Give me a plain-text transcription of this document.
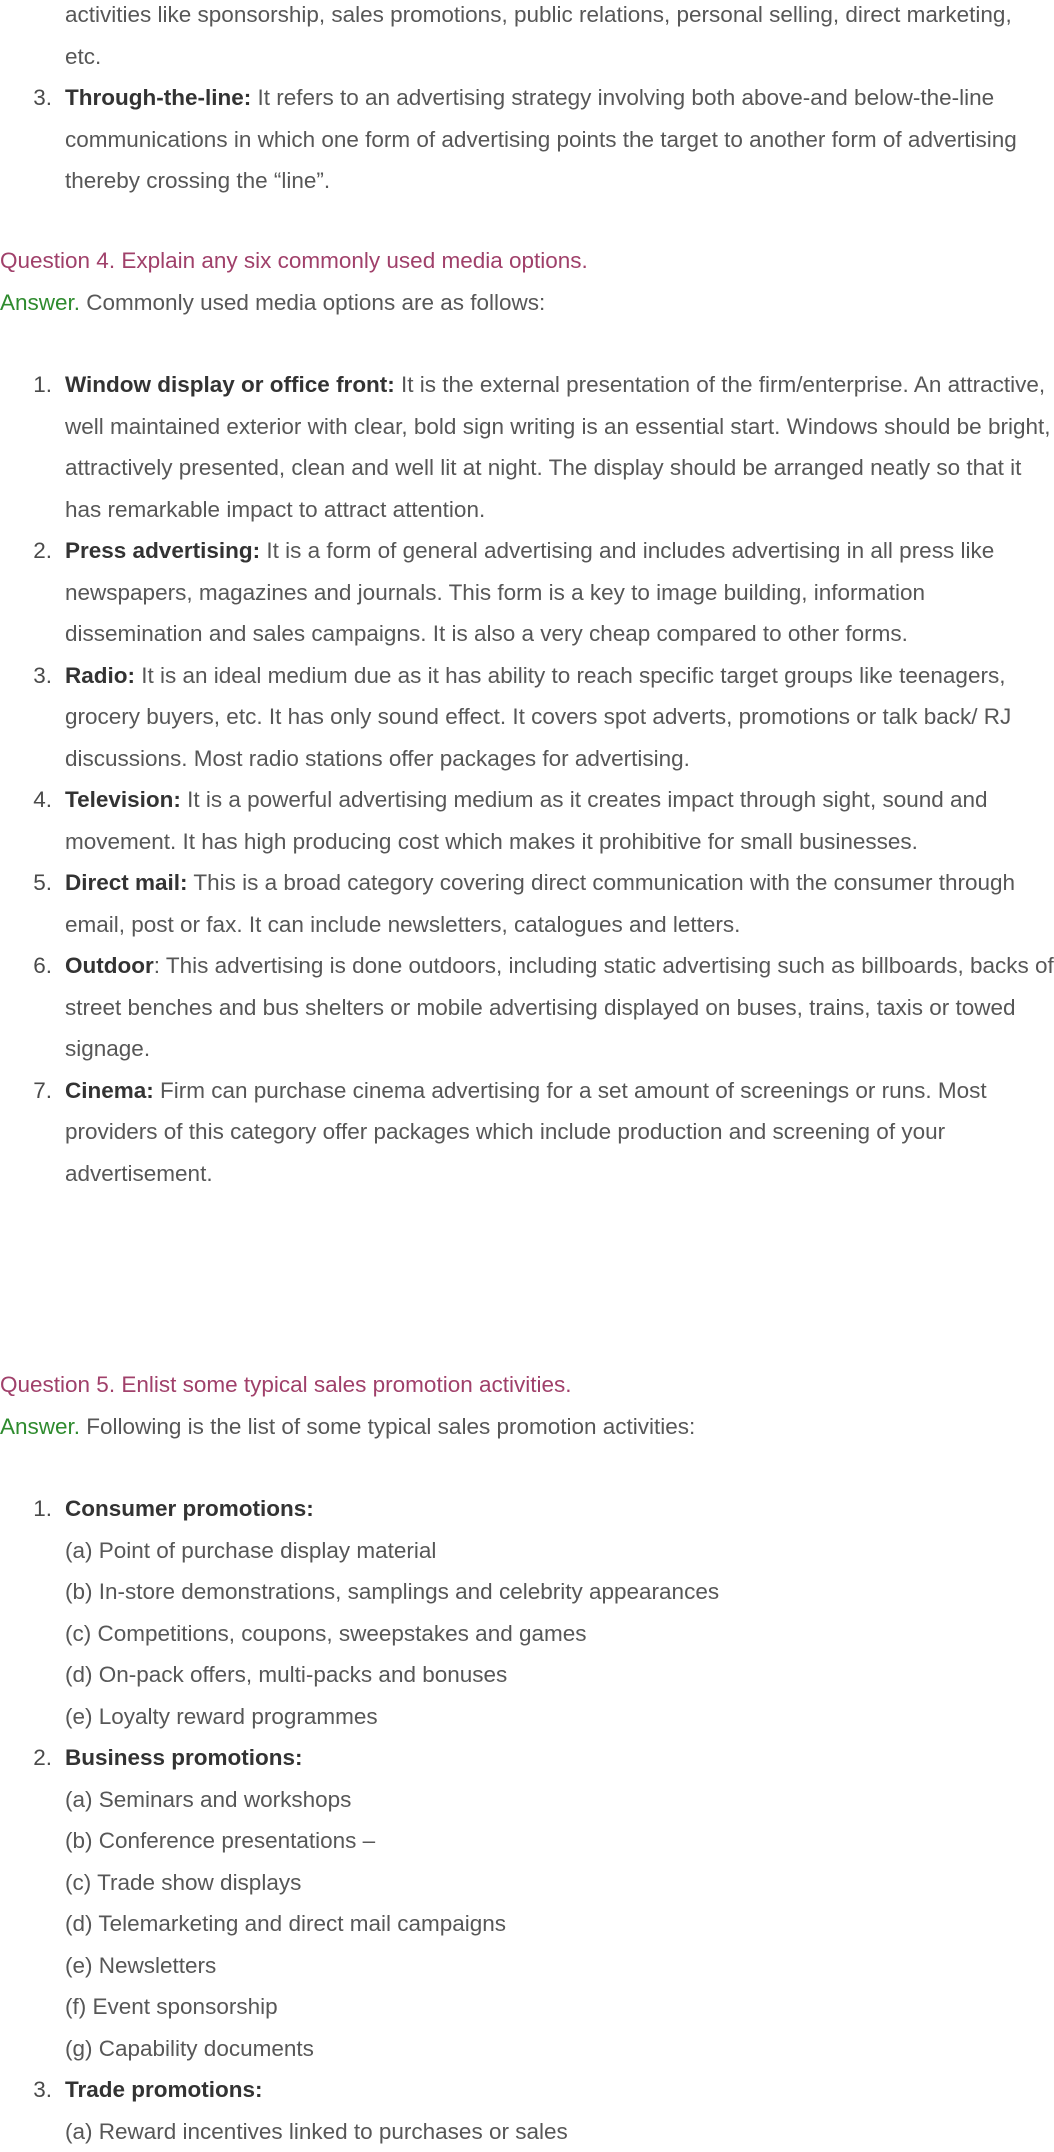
activities like sponsorship, sales promotions, public relations, personal selling, direct marketing, etc.
3. Through-the-line: It refers to an advertising strategy involving both above-and below-the-line communications in which one form of advertising points the target to another form of advertising thereby crossing the “line”.
Question 4. Explain any six commonly used media options.
Answer. Commonly used media options are as follows:
1. Window display or office front: It is the external presentation of the firm/enterprise. An attractive, well maintained exterior with clear, bold sign writing is an essential start. Windows should be bright, attractively presented, clean and well lit at night. The display should be arranged neatly so that it has remarkable impact to attract attention.
2. Press advertising: It is a form of general advertising and includes advertising in all press like newspapers, magazines and journals. This form is a key to image building, information dissemination and sales campaigns. It is also a very cheap compared to other forms.
3. Radio: It is an ideal medium due as it has ability to reach specific target groups like teenagers, grocery buyers, etc. It has only sound effect. It covers spot adverts, promotions or talk back/ RJ discussions. Most radio stations offer packages for advertising.
4. Television: It is a powerful advertising medium as it creates impact through sight, sound and movement. It has high producing cost which makes it prohibitive for small businesses.
5. Direct mail: This is a broad category covering direct communication with the consumer through email, post or fax. It can include newsletters, catalogues and letters.
6. Outdoor: This advertising is done outdoors, including static advertising such as billboards, backs of street benches and bus shelters or mobile advertising displayed on buses, trains, taxis or towed signage.
7. Cinema: Firm can purchase cinema advertising for a set amount of screenings or runs. Most providers of this category offer packages which include production and screening of your advertisement.
Question 5. Enlist some typical sales promotion activities.
Answer. Following is the list of some typical sales promotion activities:
1. Consumer promotions:
(a) Point of purchase display material
(b) In-store demonstrations, samplings and celebrity appearances
(c) Competitions, coupons, sweepstakes and games
(d) On-pack offers, multi-packs and bonuses
(e) Loyalty reward programmes
2. Business promotions:
(a) Seminars and workshops
(b) Conference presentations –
(c) Trade show displays
(d) Telemarketing and direct mail campaigns
(e) Newsletters
(f) Event sponsorship
(g) Capability documents
3. Trade promotions:
(a) Reward incentives linked to purchases or sales
